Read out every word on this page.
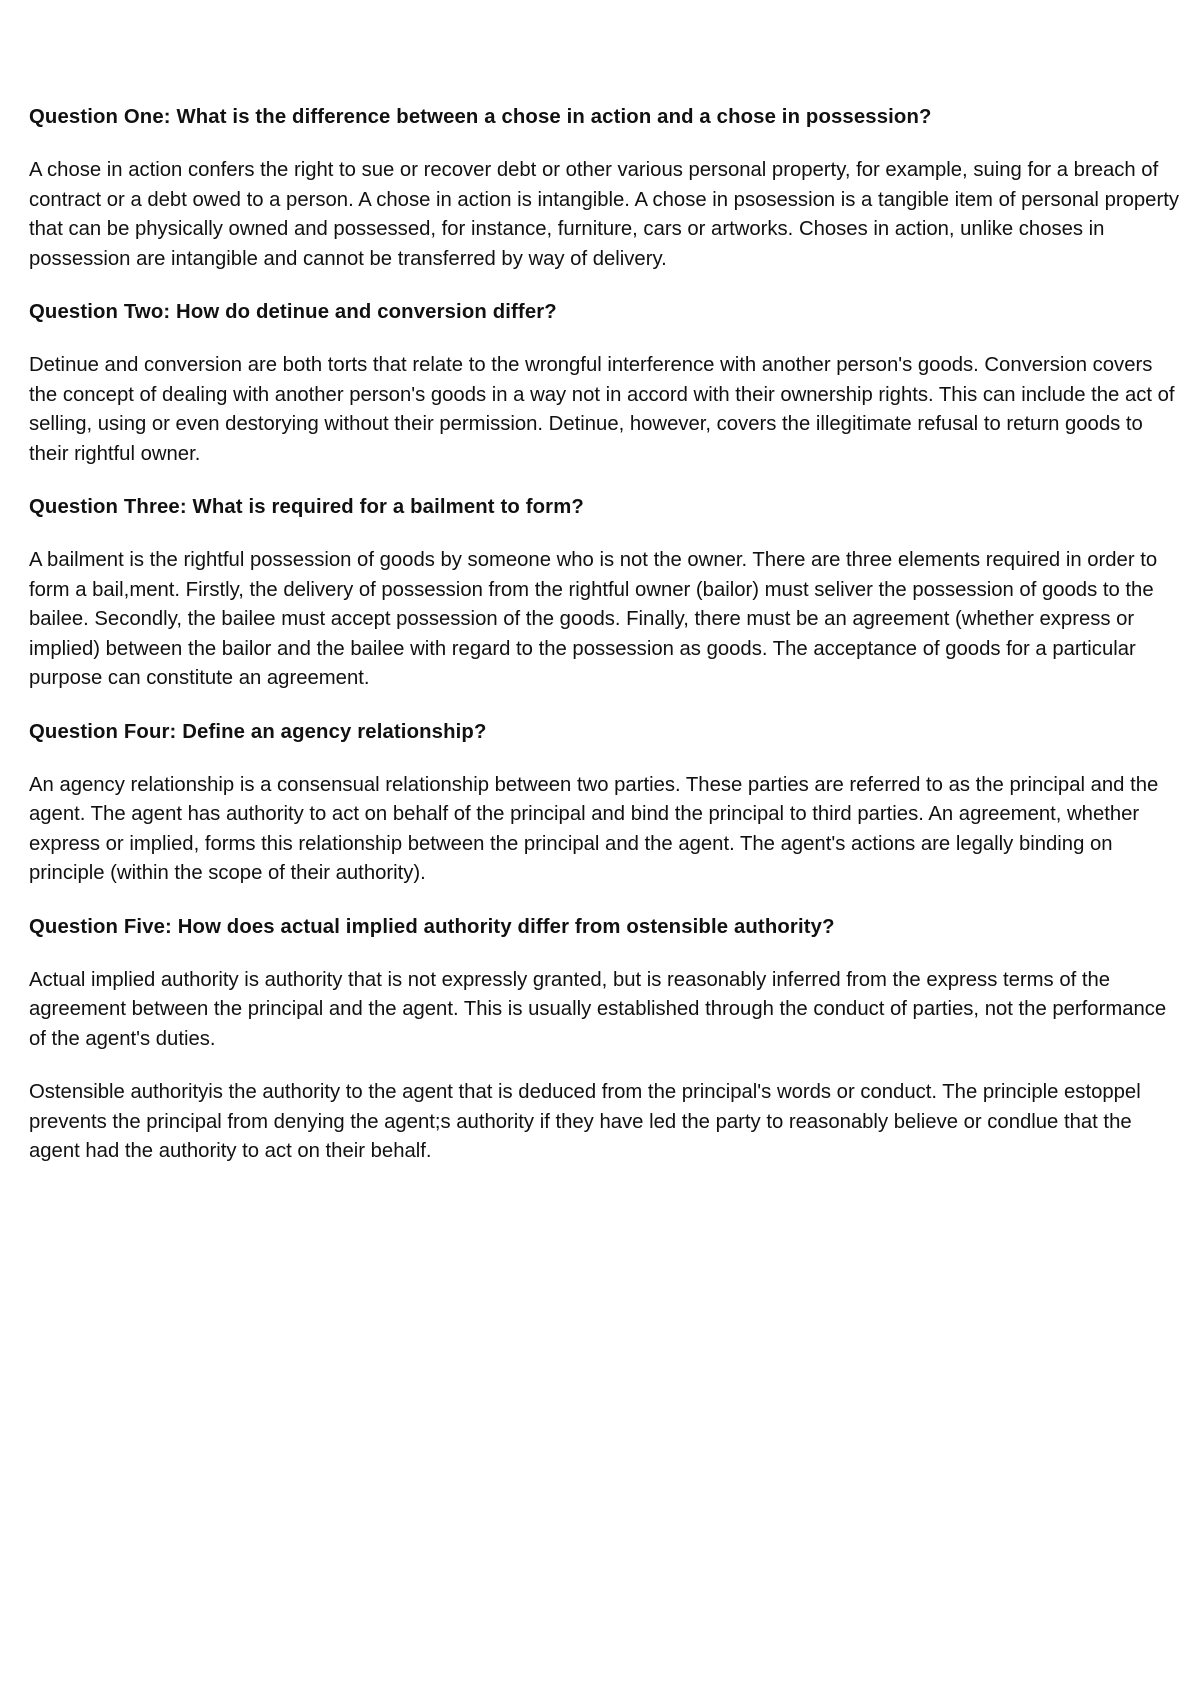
Question One: What is the difference between a chose in action and a chose in possession?

A chose in action confers the right to sue or recover debt or other various personal property, for example, suing for a breach of contract or a debt owed to a person. A chose in action is intangible. A chose in psosession is a tangible item of personal property that can be physically owned and possessed, for instance, furniture, cars or artworks. Choses in action, unlike choses in possession are intangible and cannot be transferred by way of delivery.

Question Two: How do detinue and conversion differ?

Detinue and conversion are both torts that relate to the wrongful interference with another person's goods. Conversion covers the concept of dealing with another person's goods in a way not in accord with their ownership rights. This can include the act of selling, using or even destorying without their permission. Detinue, however, covers the illegitimate refusal to return goods to their rightful owner.

Question Three: What is required for a bailment to form?

A bailment is the rightful possession of goods by someone who is not the owner. There are three elements required in order to form a bail,ment. Firstly, the delivery of possession from the rightful owner (bailor) must seliver the possession of goods to the bailee. Secondly, the bailee must accept possession of the goods. Finally, there must be an agreement (whether express or implied) between the bailor and the bailee with regard to the possession as goods. The acceptance of goods for a particular purpose can constitute an agreement.

Question Four: Define an agency relationship?

An agency relationship is a consensual relationship between two parties. These parties are referred to as the principal and the agent. The agent has authority to act on behalf of the principal and bind the principal to third parties. An agreement, whether express or implied, forms this relationship between the principal and the agent. The agent's actions are legally binding on principle (within the scope of their authority).

Question Five: How does actual implied authority differ from ostensible authority?

Actual implied authority is authority that is not expressly granted, but is reasonably inferred from the express terms of the agreement between the principal and the agent. This is usually established through the conduct of parties, not the performance of the agent's duties.

Ostensible authorityis the authority to the agent that is deduced from the principal's words or conduct. The principle estoppel prevents the principal from denying the agent;s authority if they have led the party to reasonably believe or condlue that the agent had the authority to act on their behalf.
